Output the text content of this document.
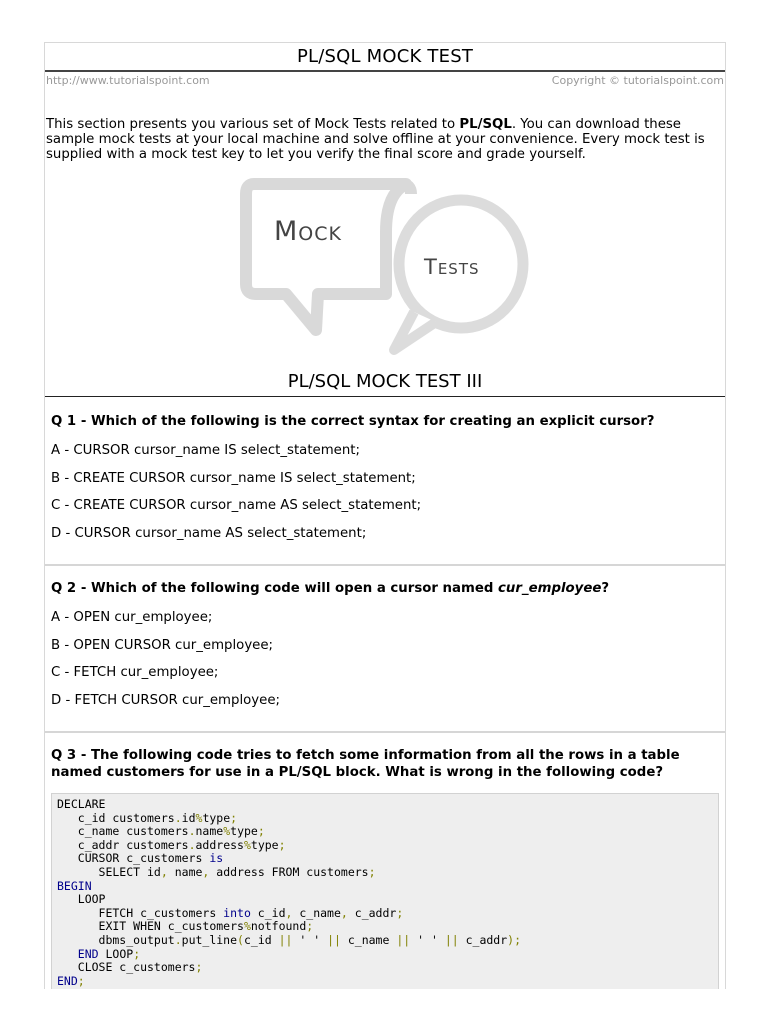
PL/SQL MOCK TEST
http://www.tutorialspoint.com	Copyright © tutorialspoint.com
This section presents you various set of Mock Tests related to PL/SQL. You can download these sample mock tests at your local machine and solve offline at your convenience. Every mock test is supplied with a mock test key to let you verify the final score and grade yourself.
Mock
Tests
PL/SQL MOCK TEST III
Q 1 - Which of the following is the correct syntax for creating an explicit cursor?
A - CURSOR cursor_name IS select_statement;
B - CREATE CURSOR cursor_name IS select_statement;
C - CREATE CURSOR cursor_name AS select_statement;
D - CURSOR cursor_name AS select_statement;
Q 2 - Which of the following code will open a cursor named cur_employee?
A - OPEN cur_employee;
B - OPEN CURSOR cur_employee;
C - FETCH cur_employee;
D - FETCH CURSOR cur_employee;
Q 3 - The following code tries to fetch some information from all the rows in a table named customers for use in a PL/SQL block. What is wrong in the following code?
DECLARE
c_id customers.id%type;
c_name customers.name%type;
c_addr customers.address%type;
CURSOR c_customers is
SELECT id, name, address FROM customers;
BEGIN
LOOP
FETCH c_customers into c_id, c_name, c_addr;
EXIT WHEN c_customers%notfound;
dbms_output.put_line(c_id || ' ' || c_name || ' ' || c_addr);
END LOOP;
CLOSE c_customers;
END;
